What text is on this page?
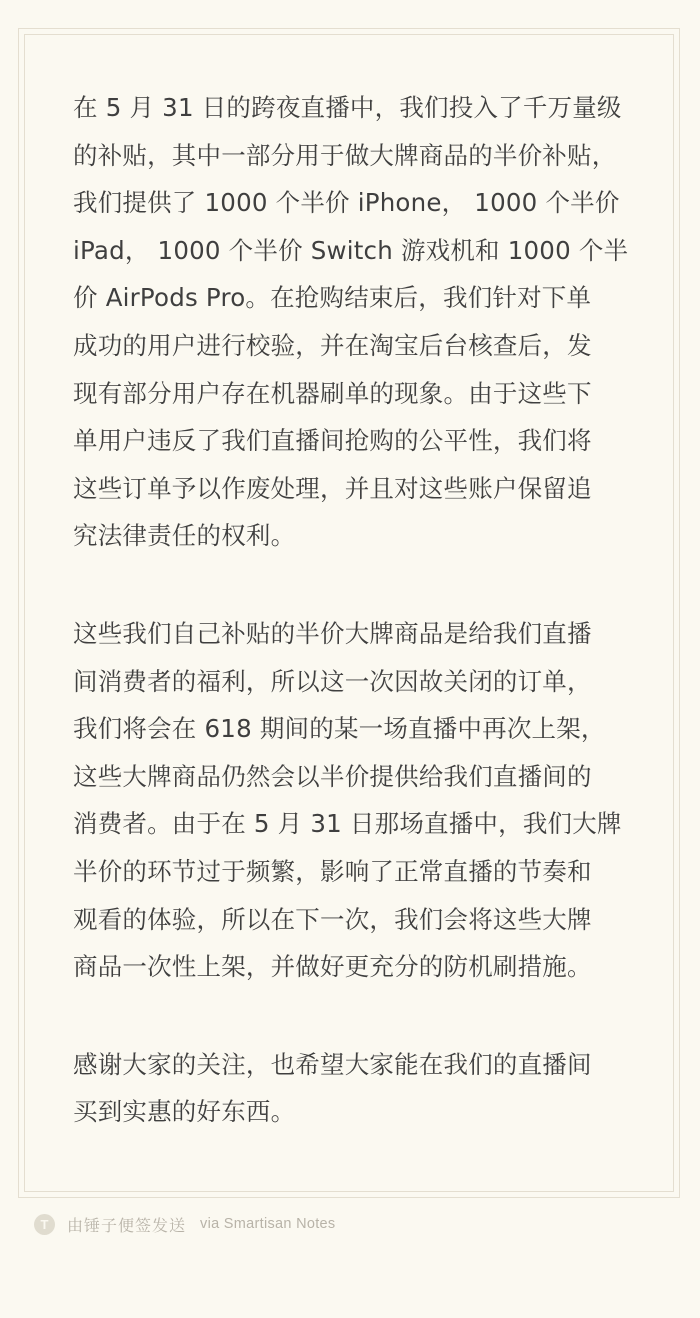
在 5 月 31 日的跨夜直播中，我们投入了千万量级
的补贴，其中一部分用于做大牌商品的半价补贴，
我们提供了 1000 个半价 iPhone， 1000 个半价
iPad， 1000 个半价 Switch 游戏机和 1000 个半
价 AirPods Pro。在抢购结束后，我们针对下单
成功的用户进行校验，并在淘宝后台核查后，发
现有部分用户存在机器刷单的现象。由于这些下
单用户违反了我们直播间抢购的公平性，我们将
这些订单予以作废处理，并且对这些账户保留追
究法律责任的权利。

这些我们自己补贴的半价大牌商品是给我们直播
间消费者的福利，所以这一次因故关闭的订单，
我们将会在 618 期间的某一场直播中再次上架，
这些大牌商品仍然会以半价提供给我们直播间的
消费者。由于在 5 月 31 日那场直播中，我们大牌
半价的环节过于频繁，影响了正常直播的节奏和
观看的体验，所以在下一次，我们会将这些大牌
商品一次性上架，并做好更充分的防机刷措施。

感谢大家的关注，也希望大家能在我们的直播间
买到实惠的好东西。

T	由锤子便签发送 via Smartisan Notes
